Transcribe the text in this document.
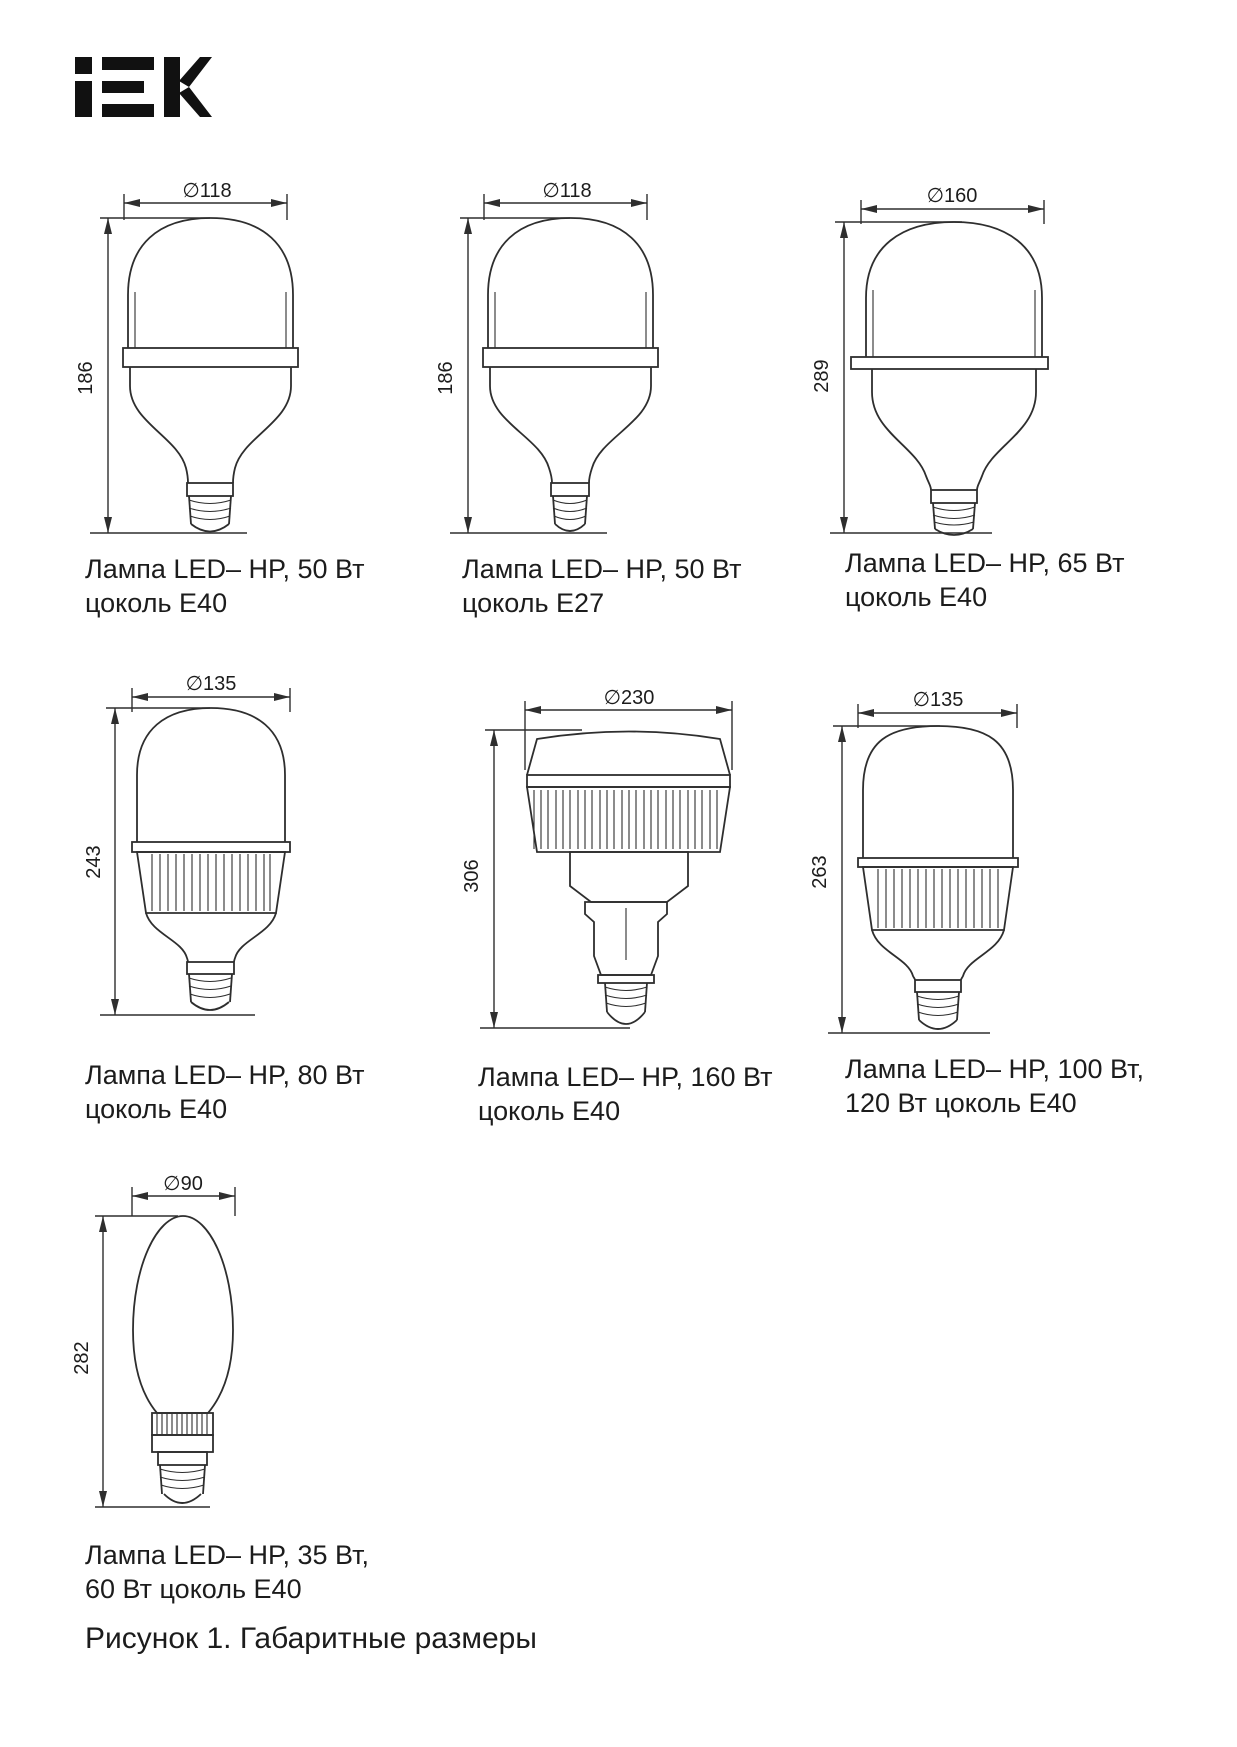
∅118
186
Лампа LED– HP, 50 Вт
цоколь Е40
∅118
186
Лампа LED– HP, 50 Вт
цоколь Е27
∅160
289
Лампа LED– HP, 65 Вт
цоколь Е40
∅135
243
Лампа LED– HP, 80 Вт
цоколь Е40
∅230
306
Лампа LED– HP, 160 Вт
цоколь Е40
∅135
263
Лампа LED– HP, 100 Вт,
120 Вт цоколь Е40
∅90
282
Лампа LED– HP, 35 Вт,
60 Вт цоколь Е40
Рисунок 1. Габаритные размеры
